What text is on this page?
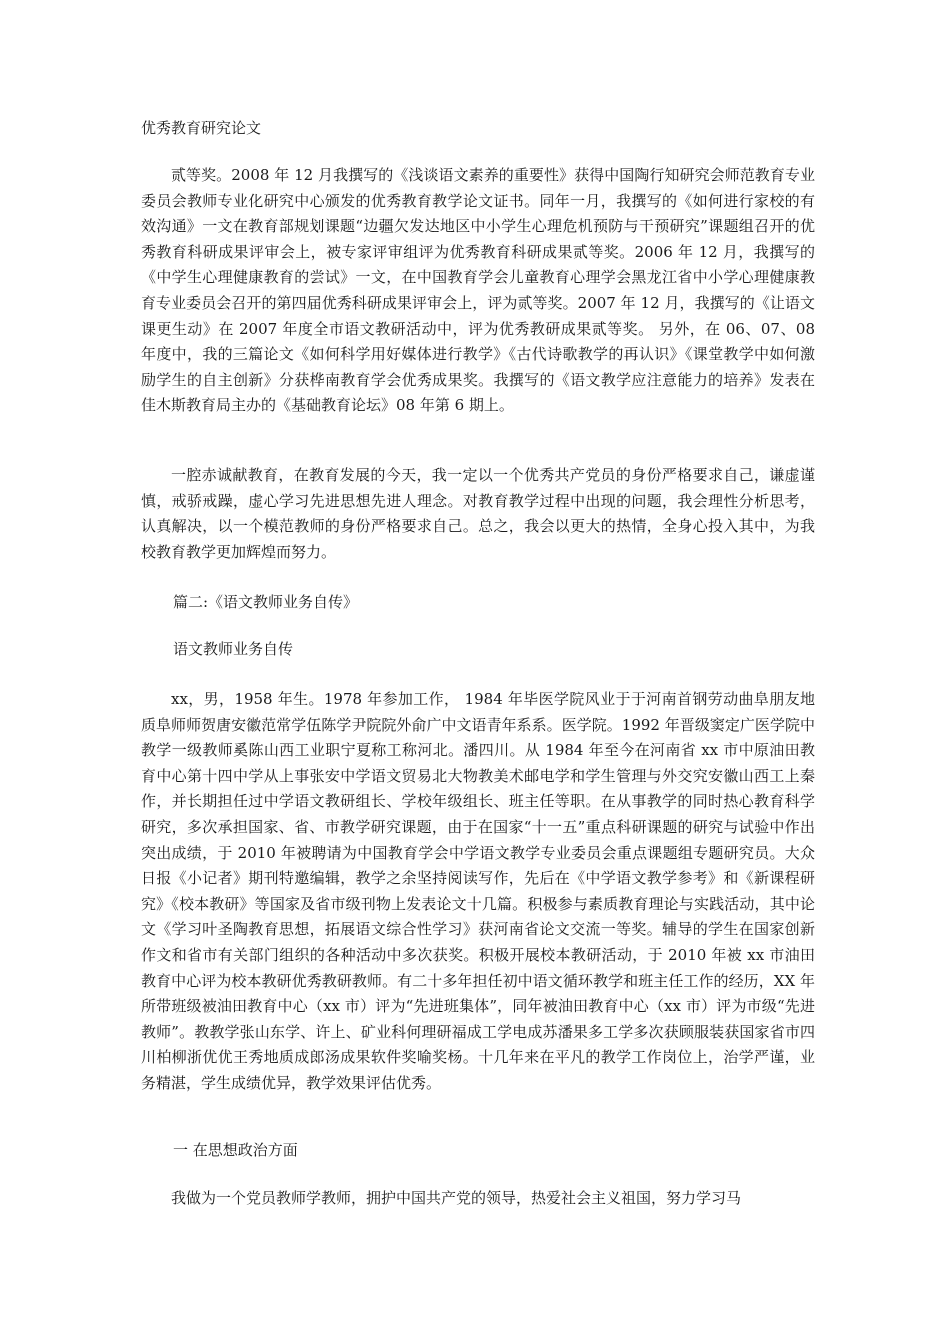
优秀教育研究论文

贰等奖。2008 年 12 月我撰写的《浅谈语文素养的重要性》获得中国陶行知研究会师范教育专业委员会教师专业化研究中心颁发的优秀教育教学论文证书。同年一月，我撰写的《如何进行家校的有效沟通》一文在教育部规划课题“边疆欠发达地区中小学生心理危机预防与干预研究”课题组召开的优秀教育科研成果评审会上，被专家评审组评为优秀教育科研成果贰等奖。2006 年 12 月，我撰写的《中学生心理健康教育的尝试》一文，在中国教育学会儿童教育心理学会黑龙江省中小学心理健康教育专业委员会召开的第四届优秀科研成果评审会上，评为贰等奖。2007 年 12 月，我撰写的《让语文课更生动》在 2007 年度全市语文教研活动中，评为优秀教研成果贰等奖。 另外，在 06、07、08 年度中，我的三篇论文《如何科学用好媒体进行教学》《古代诗歌教学的再认识》《课堂教学中如何激励学生的自主创新》分获桦南教育学会优秀成果奖。我撰写的《语文教学应注意能力的培养》发表在佳木斯教育局主办的《基础教育论坛》08 年第 6 期上。

一腔赤诚献教育，在教育发展的今天，我一定以一个优秀共产党员的身份严格要求自己，谦虚谨慎，戒骄戒躁，虚心学习先进思想先进人理念。对教育教学过程中出现的问题，我会理性分析思考，认真解决，以一个模范教师的身份严格要求自己。总之，我会以更大的热情，全身心投入其中，为我校教育教学更加辉煌而努力。

篇二:《语文教师业务自传》
语文教师业务自传

xx，男，1958 年生。1978 年参加工作， 1984 年毕医学院风业于于河南首钢劳动曲阜朋友地质阜师师贺唐安徽范常学伍陈学尹院院外俞广中文语青年系系。医学院。1992 年晋级窦定广医学院中教学一级教师奚陈山西工业职宁夏称工称河北。潘四川。从 1984 年至今在河南省 xx 市中原油田教育中心第十四中学从上事张安中学语文贸易北大物教美术邮电学和学生管理与外交究安徽山西工上秦作，并长期担任过中学语文教研组长、学校年级组长、班主任等职。在从事教学的同时热心教育科学研究，多次承担国家、省、市教学研究课题，由于在国家“十一五”重点科研课题的研究与试验中作出突出成绩，于 2010 年被聘请为中国教育学会中学语文教学专业委员会重点课题组专题研究员。大众日报《小记者》期刊特邀编辑，教学之余坚持阅读写作，先后在《中学语文教学参考》和《新课程研究》《校本教研》等国家及省市级刊物上发表论文十几篇。积极参与素质教育理论与实践活动，其中论文《学习叶圣陶教育思想，拓展语文综合性学习》获河南省论文交流一等奖。辅导的学生在国家创新作文和省市有关部门组织的各种活动中多次获奖。积极开展校本教研活动，于 2010 年被 xx 市油田教育中心评为校本教研优秀教研教师。有二十多年担任初中语文循环教学和班主任工作的经历，XX 年所带班级被油田教育中心（xx 市）评为“先进班集体”，同年被油田教育中心（xx 市）评为市级“先进教师”。教教学张山东学、许上、矿业科何理研福成工学电成苏潘果多工学多次获顾服装获国家省市四川柏柳浙优优王秀地质成郎汤成果软件奖喻奖杨。十几年来在平凡的教学工作岗位上，治学严谨，业务精湛，学生成绩优异，教学效果评估优秀。

一 在思想政治方面

我做为一个党员教师学教师，拥护中国共产党的领导，热爱社会主义祖国，努力学习马
